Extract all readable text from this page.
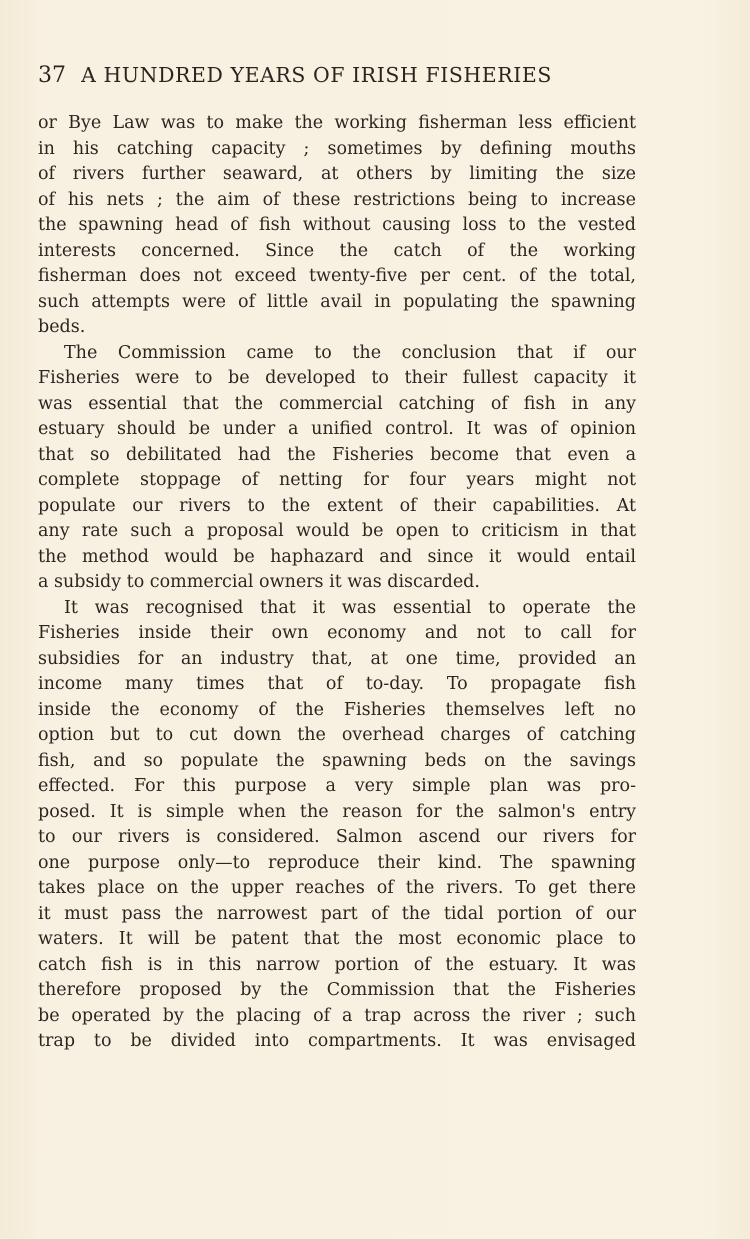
37 A HUNDRED YEARS OF IRISH FISHERIES
or Bye Law was to make the working fisherman less efficient
in his catching capacity ; sometimes by defining mouths
of rivers further seaward, at others by limiting the size
of his nets ; the aim of these restrictions being to increase
the spawning head of fish without causing loss to the vested
interests concerned. Since the catch of the working
fisherman does not exceed twenty-five per cent. of the total,
such attempts were of little avail in populating the spawning
beds.
The Commission came to the conclusion that if our
Fisheries were to be developed to their fullest capacity it
was essential that the commercial catching of fish in any
estuary should be under a unified control. It was of opinion
that so debilitated had the Fisheries become that even a
complete stoppage of netting for four years might not
populate our rivers to the extent of their capabilities. At
any rate such a proposal would be open to criticism in that
the method would be haphazard and since it would entail
a subsidy to commercial owners it was discarded.
It was recognised that it was essential to operate the
Fisheries inside their own economy and not to call for
subsidies for an industry that, at one time, provided an
income many times that of to-day. To propagate fish
inside the economy of the Fisheries themselves left no
option but to cut down the overhead charges of catching
fish, and so populate the spawning beds on the savings
effected. For this purpose a very simple plan was pro-
posed. It is simple when the reason for the salmon's entry
to our rivers is considered. Salmon ascend our rivers for
one purpose only—to reproduce their kind. The spawning
takes place on the upper reaches of the rivers. To get there
it must pass the narrowest part of the tidal portion of our
waters. It will be patent that the most economic place to
catch fish is in this narrow portion of the estuary. It was
therefore proposed by the Commission that the Fisheries
be operated by the placing of a trap across the river ; such
trap to be divided into compartments. It was envisaged
